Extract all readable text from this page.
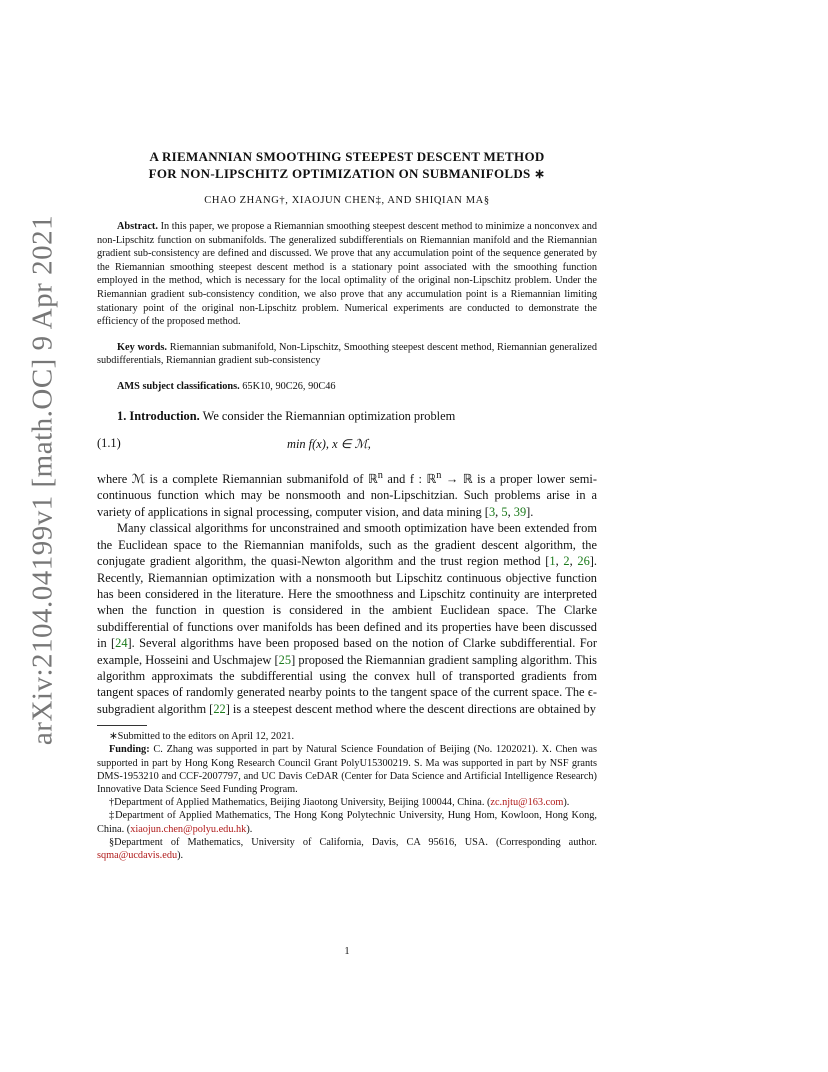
arXiv:2104.04199v1 [math.OC] 9 Apr 2021
A RIEMANNIAN SMOOTHING STEEPEST DESCENT METHOD
FOR NON-LIPSCHITZ OPTIMIZATION ON SUBMANIFOLDS ∗
CHAO ZHANG†, XIAOJUN CHEN‡, AND SHIQIAN MA§

Abstract. In this paper, we propose a Riemannian smoothing steepest descent method to minimize a nonconvex and non-Lipschitz function on submanifolds. The generalized subdifferentials on Riemannian manifold and the Riemannian gradient sub-consistency are defined and discussed. We prove that any accumulation point of the sequence generated by the Riemannian smoothing steepest descent method is a stationary point associated with the smoothing function employed in the method, which is necessary for the local optimality of the original non-Lipschitz problem. Under the Riemannian gradient sub-consistency condition, we also prove that any accumulation point is a Riemannian limiting stationary point of the original non-Lipschitz problem. Numerical experiments are conducted to demonstrate the efficiency of the proposed method.

Key words. Riemannian submanifold, Non-Lipschitz, Smoothing steepest descent method, Riemannian generalized subdifferentials, Riemannian gradient sub-consistency

AMS subject classifications. 65K10, 90C26, 90C46

1. Introduction. We consider the Riemannian optimization problem

(1.1)	min f(x), x ∈ ℳ,

where ℳ is a complete Riemannian submanifold of ℝ$^n$ and f : ℝ$^n$ → ℝ is a proper lower semi-continuous function which may be nonsmooth and non-Lipschitzian. Such problems arise in a variety of applications in signal processing, computer vision, and data mining [3, 5, 39].

Many classical algorithms for unconstrained and smooth optimization have been extended from the Euclidean space to the Riemannian manifolds, such as the gradient descent algorithm, the conjugate gradient algorithm, the quasi-Newton algorithm and the trust region method [1, 2, 26]. Recently, Riemannian optimization with a nonsmooth but Lipschitz continuous objective function has been considered in the literature. Here the smoothness and Lipschitz continuity are interpreted when the function in question is considered in the ambient Euclidean space. The Clarke subdifferential of functions over manifolds has been defined and its properties have been discussed in [24]. Several algorithms have been proposed based on the notion of Clarke subdifferential. For example, Hosseini and Uschmajew [25] proposed the Riemannian gradient sampling algorithm. This algorithm approximats the subdifferential using the convex hull of transported gradients from tangent spaces of randomly generated nearby points to the tangent space of the current space. The ϵ-subgradient algorithm [22] is a steepest descent method where the descent directions are obtained by

∗Submitted to the editors on April 12, 2021.

Funding: C. Zhang was supported in part by Natural Science Foundation of Beijing (No. 1202021). X. Chen was supported in part by Hong Kong Research Council Grant PolyU15300219. S. Ma was supported in part by NSF grants DMS-1953210 and CCF-2007797, and UC Davis CeDAR (Center for Data Science and Artificial Intelligence Research) Innovative Data Science Seed Funding Program.

†Department of Applied Mathematics, Beijing Jiaotong University, Beijing 100044, China. (zc.njtu@163.com).

‡Department of Applied Mathematics, The Hong Kong Polytechnic University, Hung Hom, Kowloon, Hong Kong, China. (xiaojun.chen@polyu.edu.hk).

§Department of Mathematics, University of California, Davis, CA 95616, USA. (Corresponding author. sqma@ucdavis.edu).

1
